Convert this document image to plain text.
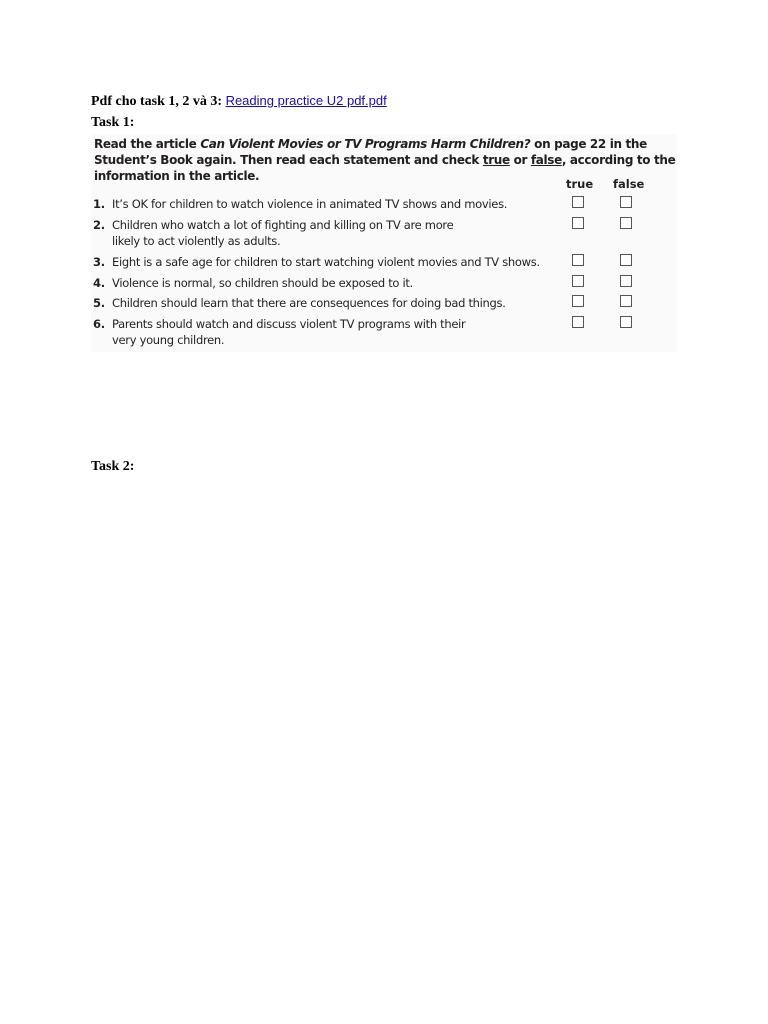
Pdf cho task 1, 2 và 3: Reading practice U2 pdf.pdf
Task 1:
Read the article Can Violent Movies or TV Programs Harm Children? on page 22 in the Student’s Book again. Then read each statement and check true or false, according to the information in the article.
true false
1. It’s OK for children to watch violence in animated TV shows and movies.
2. Children who watch a lot of fighting and killing on TV are more
likely to act violently as adults.
3. Eight is a safe age for children to start watching violent movies and TV shows.
4. Violence is normal, so children should be exposed to it.
5. Children should learn that there are consequences for doing bad things.
6. Parents should watch and discuss violent TV programs with their
very young children.
Task 2:
